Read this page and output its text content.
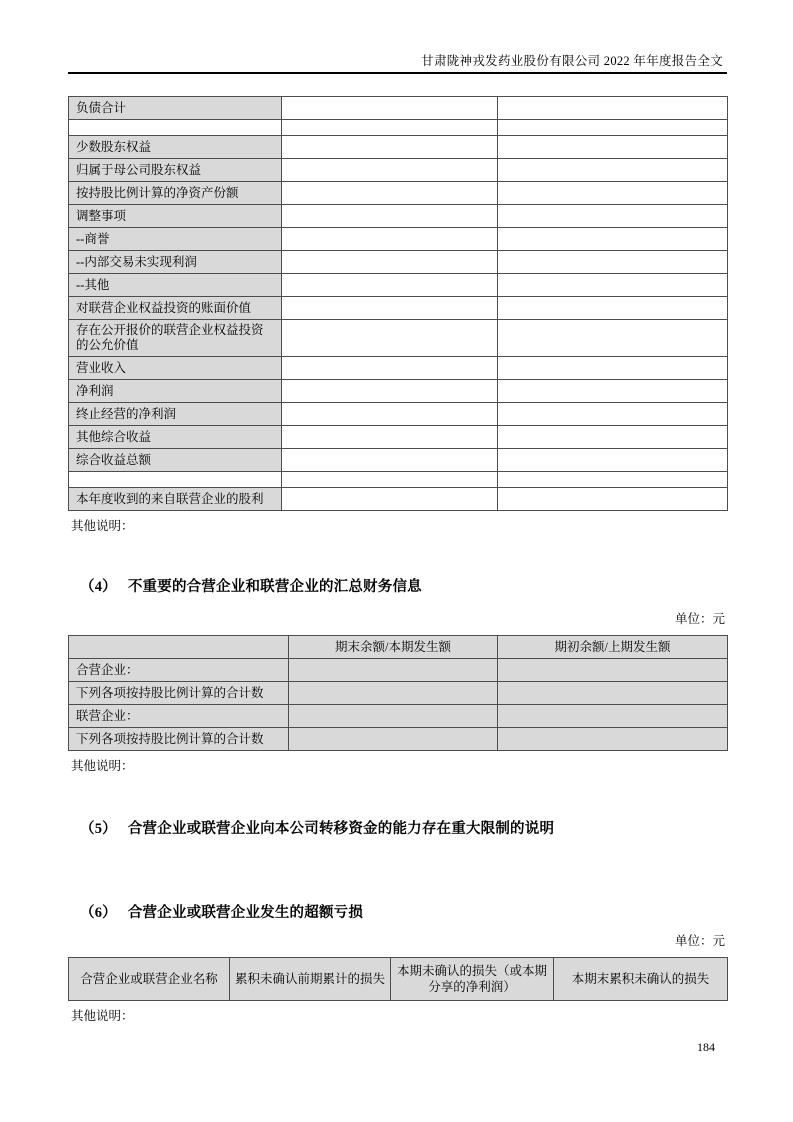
甘肃陇神戎发药业股份有限公司 2022 年年度报告全文
负债合计		

少数股东权益		
归属于母公司股东权益		
按持股比例计算的净资产份额		
调整事项		
--商誉		
--内部交易未实现利润		
--其他		
对联营企业权益投资的账面价值		
存在公开报价的联营企业权益投资的公允价值		
营业收入		
净利润		
终止经营的净利润		
其他综合收益		
综合收益总额		

本年度收到的来自联营企业的股利		
其他说明：
（4） 不重要的合营企业和联营企业的汇总财务信息
单位：元
	期末余额/本期发生额	期初余额/上期发生额
合营企业：		
下列各项按持股比例计算的合计数		
联营企业：		
下列各项按持股比例计算的合计数		
其他说明：
（5） 合营企业或联营企业向本公司转移资金的能力存在重大限制的说明
（6） 合营企业或联营企业发生的超额亏损
单位：元
合营企业或联营企业名称	累积未确认前期累计的损失	本期未确认的损失（或本期分享的净利润）	本期末累积未确认的损失
其他说明：
184
